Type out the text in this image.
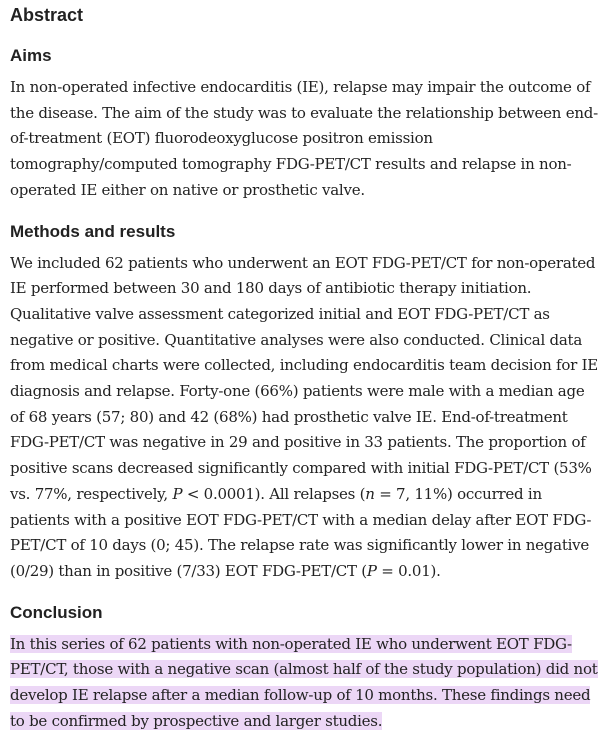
Abstract
Aims

In non-operated infective endocarditis (IE), relapse may impair the outcome of the disease. The aim of the study was to evaluate the relationship between end-of-treatment (EOT) fluorodeoxyglucose positron emission tomography/computed tomography FDG-PET/CT results and relapse in non-operated IE either on native or prosthetic valve.

Methods and results

We included 62 patients who underwent an EOT FDG-PET/CT for non-operated IE performed between 30 and 180 days of antibiotic therapy initiation. Qualitative valve assessment categorized initial and EOT FDG-PET/CT as negative or positive. Quantitative analyses were also conducted. Clinical data from medical charts were collected, including endocarditis team decision for IE diagnosis and relapse. Forty-one (66%) patients were male with a median age of 68 years (57; 80) and 42 (68%) had prosthetic valve IE. End-of-treatment FDG-PET/CT was negative in 29 and positive in 33 patients. The proportion of positive scans decreased significantly compared with initial FDG-PET/CT (53% vs. 77%, respectively, P < 0.0001). All relapses (n = 7, 11%) occurred in patients with a positive EOT FDG-PET/CT with a median delay after EOT FDG-PET/CT of 10 days (0; 45). The relapse rate was significantly lower in negative (0/29) than in positive (7/33) EOT FDG-PET/CT (P = 0.01).

Conclusion

In this series of 62 patients with non-operated IE who underwent EOT FDG-PET/CT, those with a negative scan (almost half of the study population) did not develop IE relapse after a median follow-up of 10 months. These findings need to be confirmed by prospective and larger studies.
